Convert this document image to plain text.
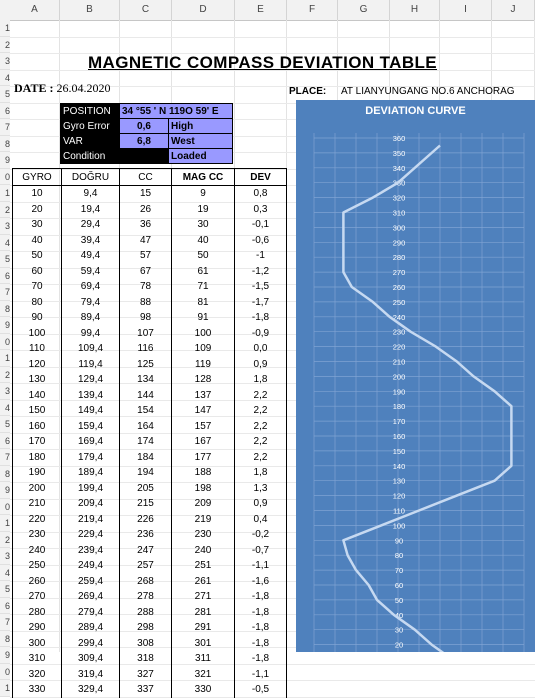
A	B	C	D	E	F	G	H	I	J
1
2
3
4
5
6
7
8
9
0
1
2
3
4
5
6
7
8
9
0
1
2
3
4
5
6
7
8
9
0
1
2
3
4
5
6
7
8
9
0
1
MAGNETIC COMPASS DEVIATION TABLE
DATE : 26.04.2020	PLACE: AT LIANYUNGANG NO.6 ANCHORAG
POSITION	34 °55 ' N 119O 59' E	
Gyro Error	0,6	High
VAR	6,8	West
Condition		Loaded
GYRO	DOĞRU	CC	MAG CC	DEV
10	9,4	15	9	0,8
20	19,4	26	19	0,3
30	29,4	36	30	-0,1
40	39,4	47	40	-0,6
50	49,4	57	50	-1
60	59,4	67	61	-1,2
70	69,4	78	71	-1,5
80	79,4	88	81	-1,7
90	89,4	98	91	-1,8
100	99,4	107	100	-0,9
110	109,4	116	109	0,0
120	119,4	125	119	0,9
130	129,4	134	128	1,8
140	139,4	144	137	2,2
150	149,4	154	147	2,2
160	159,4	164	157	2,2
170	169,4	174	167	2,2
180	179,4	184	177	2,2
190	189,4	194	188	1,8
200	199,4	205	198	1,3
210	209,4	215	209	0,9
220	219,4	226	219	0,4
230	229,4	236	230	-0,2
240	239,4	247	240	-0,7
250	249,4	257	251	-1,1
260	259,4	268	261	-1,6
270	269,4	278	271	-1,8
280	279,4	288	281	-1,8
290	289,4	298	291	-1,8
300	299,4	308	301	-1,8
310	309,4	318	311	-1,8
320	319,4	327	321	-1,1
330	329,4	337	330	-0,5
20
30
40
50
60
70
80
90
100
110
120
130
140
150
160
170
180
190
200
210
220
230
240
250
260
270
280
290
300
310
320
330
340
350
360
DEVIATION CURVE
